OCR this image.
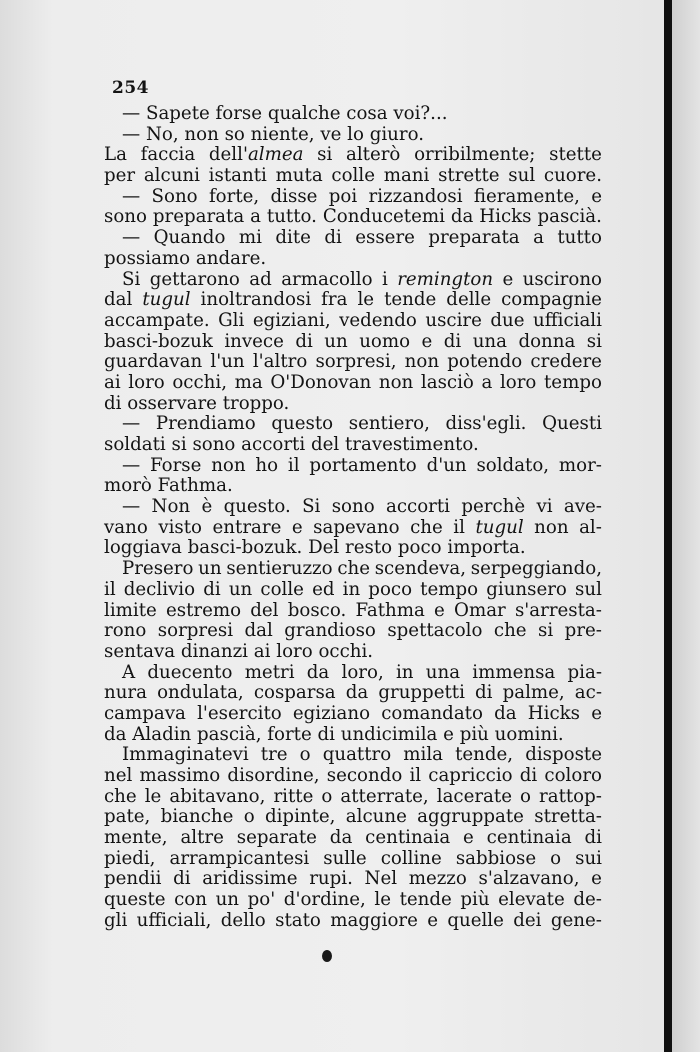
254
— Sapete forse qualche cosa voi?...
— No, non so niente, ve lo giuro.
La faccia dell'almea si alterò orribilmente; stette
per alcuni istanti muta colle mani strette sul cuore.
— Sono forte, disse poi rizzandosi fieramente, e
sono preparata a tutto. Conducetemi da Hicks pascià.
— Quando mi dite di essere preparata a tutto
possiamo andare.
Si gettarono ad armacollo i remington e uscirono
dal tugul inoltrandosi fra le tende delle compagnie
accampate. Gli egiziani, vedendo uscire due ufficiali
basci-bozuk invece di un uomo e di una donna si
guardavan l'un l'altro sorpresi, non potendo credere
ai loro occhi, ma O'Donovan non lasciò a loro tempo
di osservare troppo.
— Prendiamo questo sentiero, diss'egli. Questi
soldati si sono accorti del travestimento.
— Forse non ho il portamento d'un soldato, mor-
morò Fathma.
— Non è questo. Si sono accorti perchè vi ave-
vano visto entrare e sapevano che il tugul non al-
loggiava basci-bozuk. Del resto poco importa.
Presero un sentieruzzo che scendeva, serpeggiando,
il declivio di un colle ed in poco tempo giunsero sul
limite estremo del bosco. Fathma e Omar s'arresta-
rono sorpresi dal grandioso spettacolo che si pre-
sentava dinanzi ai loro occhi.
A duecento metri da loro, in una immensa pia-
nura ondulata, cosparsa da gruppetti di palme, ac-
campava l'esercito egiziano comandato da Hicks e
da Aladin pascià, forte di undicimila e più uomini.
Immaginatevi tre o quattro mila tende, disposte
nel massimo disordine, secondo il capriccio di coloro
che le abitavano, ritte o atterrate, lacerate o rattop-
pate, bianche o dipinte, alcune aggruppate stretta-
mente, altre separate da centinaia e centinaia di
piedi, arrampicantesi sulle colline sabbiose o sui
pendii di aridissime rupi. Nel mezzo s'alzavano, e
queste con un po' d'ordine, le tende più elevate de-
gli ufficiali, dello stato maggiore e quelle dei gene-
